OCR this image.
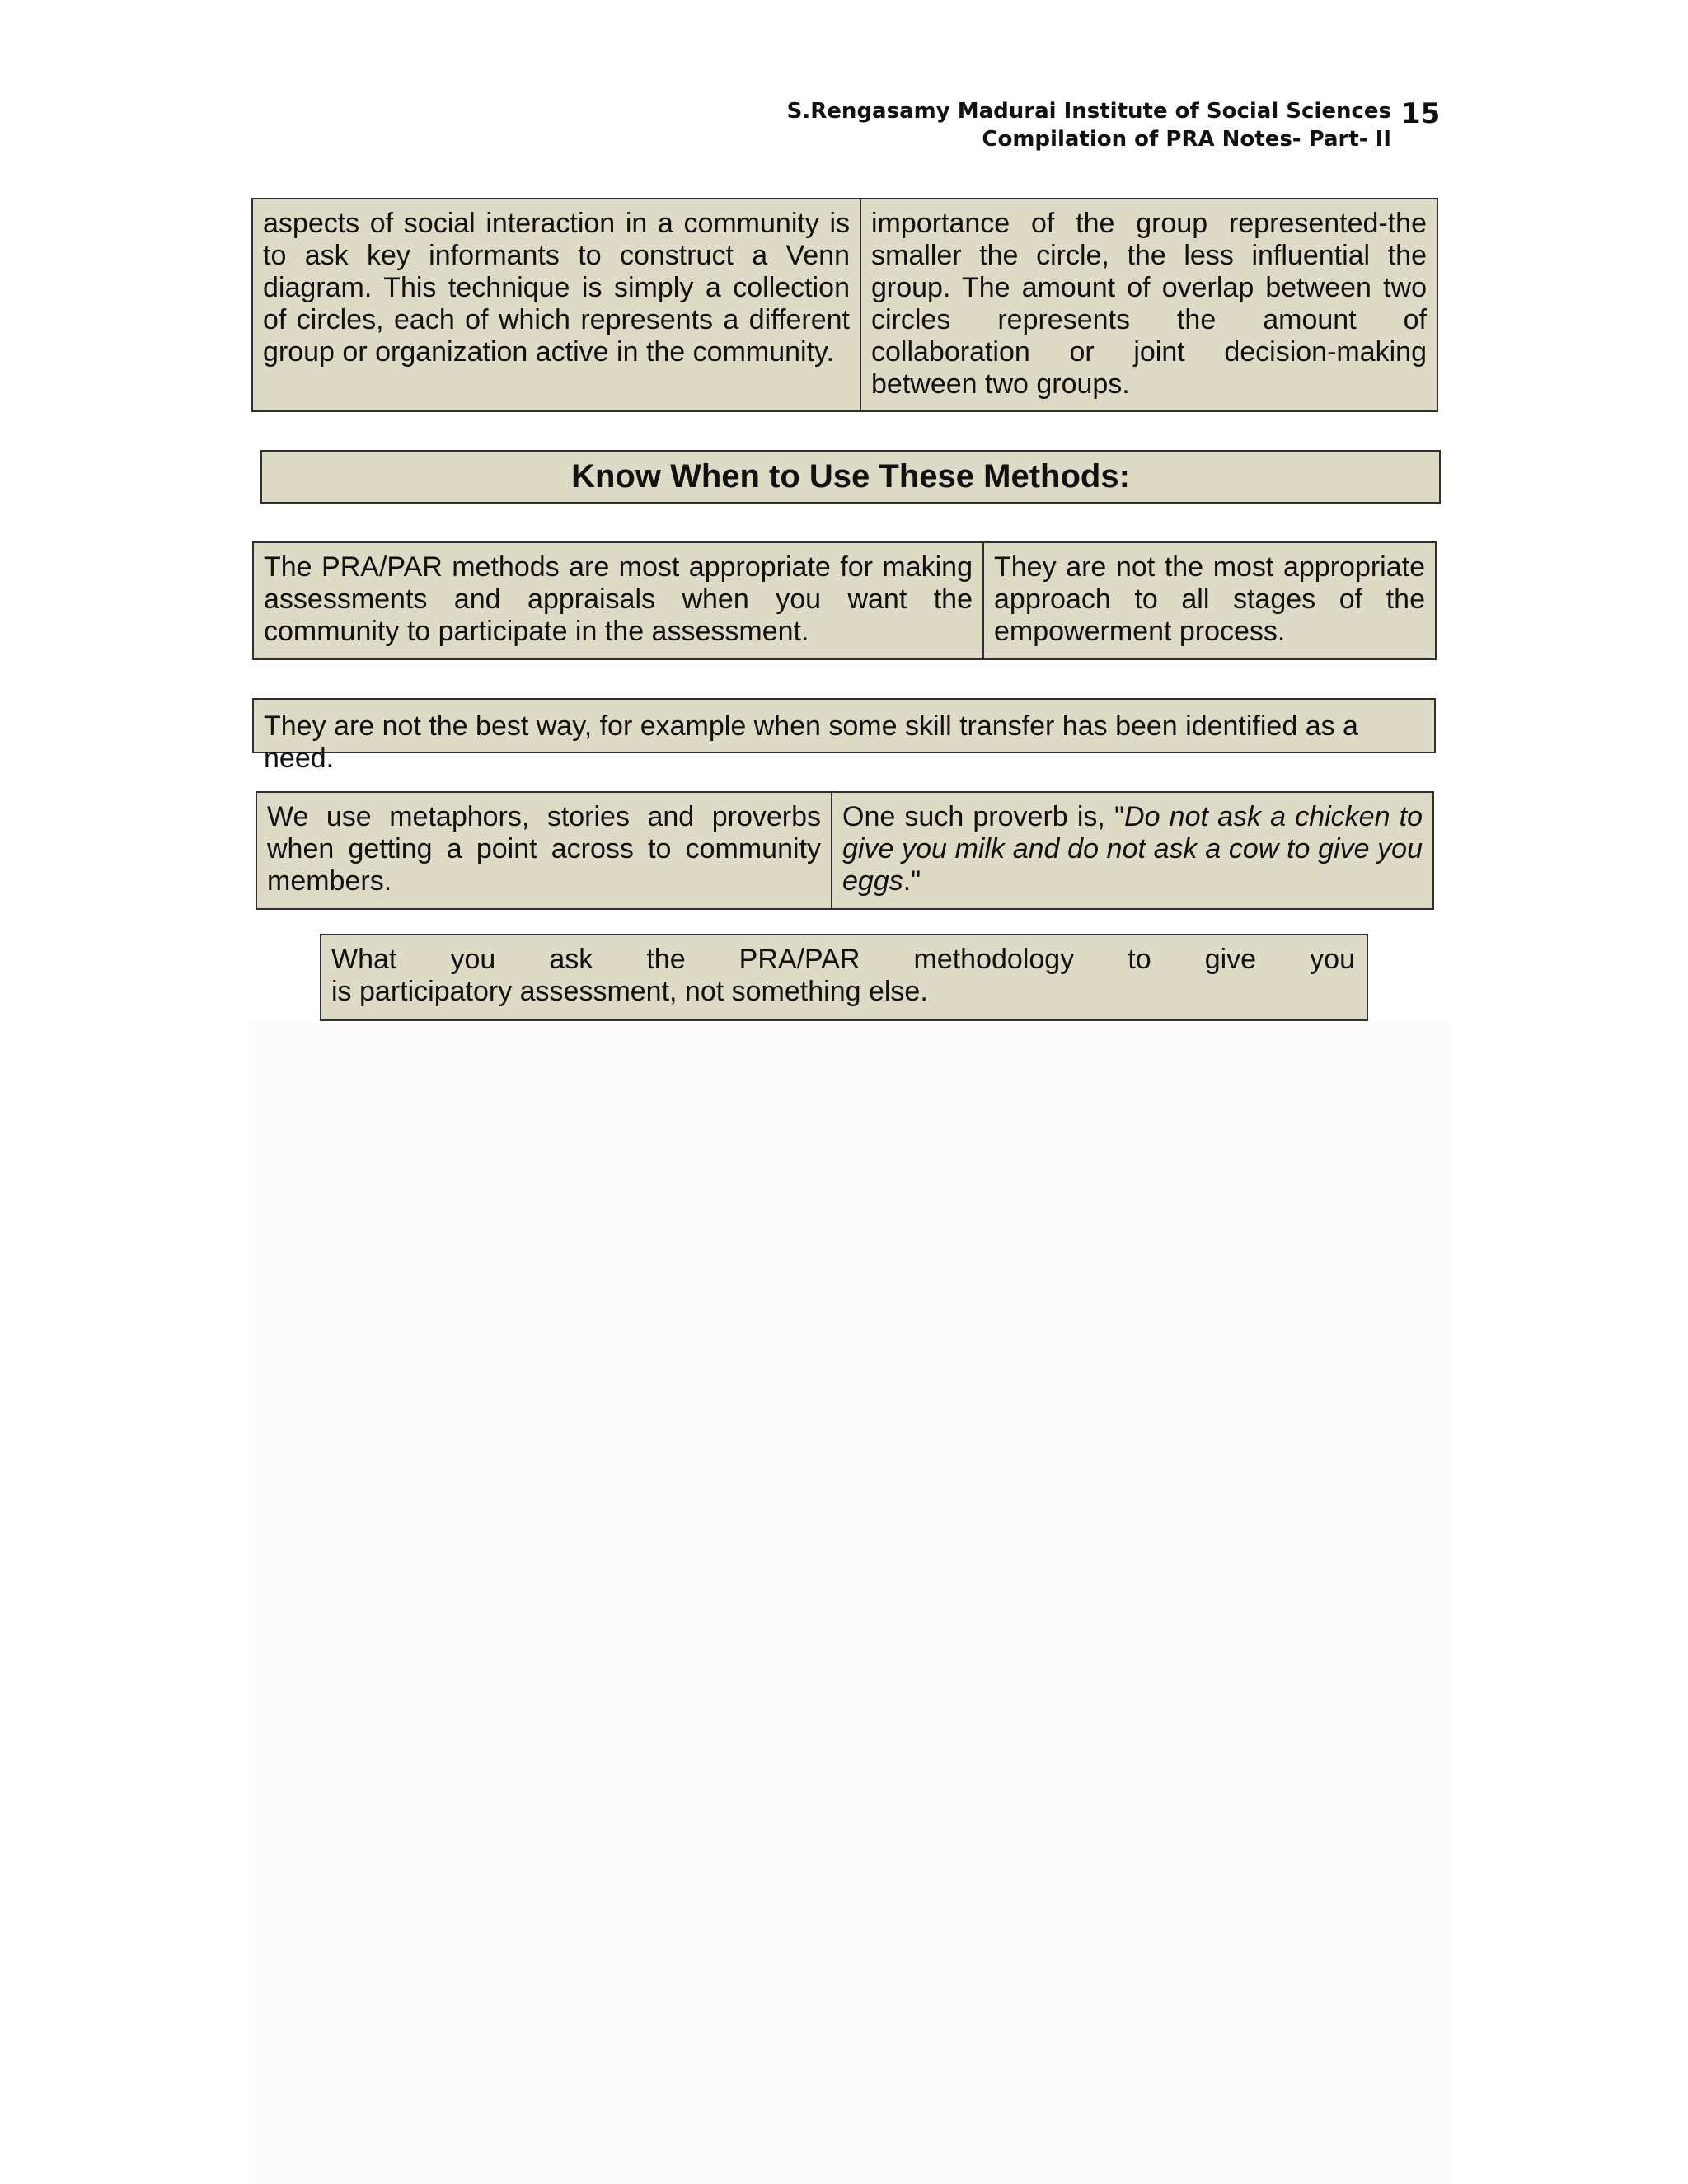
S.Rengasamy Madurai Institute of Social Sciences
Compilation of PRA Notes- Part- II
15
aspects of social interaction in a community is to ask key informants to construct a Venn diagram. This technique is simply a collection of circles, each of which represents a different group or organization active in the community.
importance of the group represented-the smaller the circle, the less influential the group. The amount of overlap between two circles represents the amount of collaboration or joint decision-making between two groups.
Know When to Use These Methods:
The PRA/PAR methods are most appropriate for making assessments and appraisals when you want the community to participate in the assessment.
They are not the most appropriate approach to all stages of the empowerment process.
They are not the best way, for example when some skill transfer has been identified as a need.
We use metaphors, stories and proverbs when getting a point across to community members.
One such proverb is, "Do not ask a chicken to give you milk and do not ask a cow to give you eggs."
What you ask the PRA/PAR methodology to give you
is participatory assessment, not something else.
